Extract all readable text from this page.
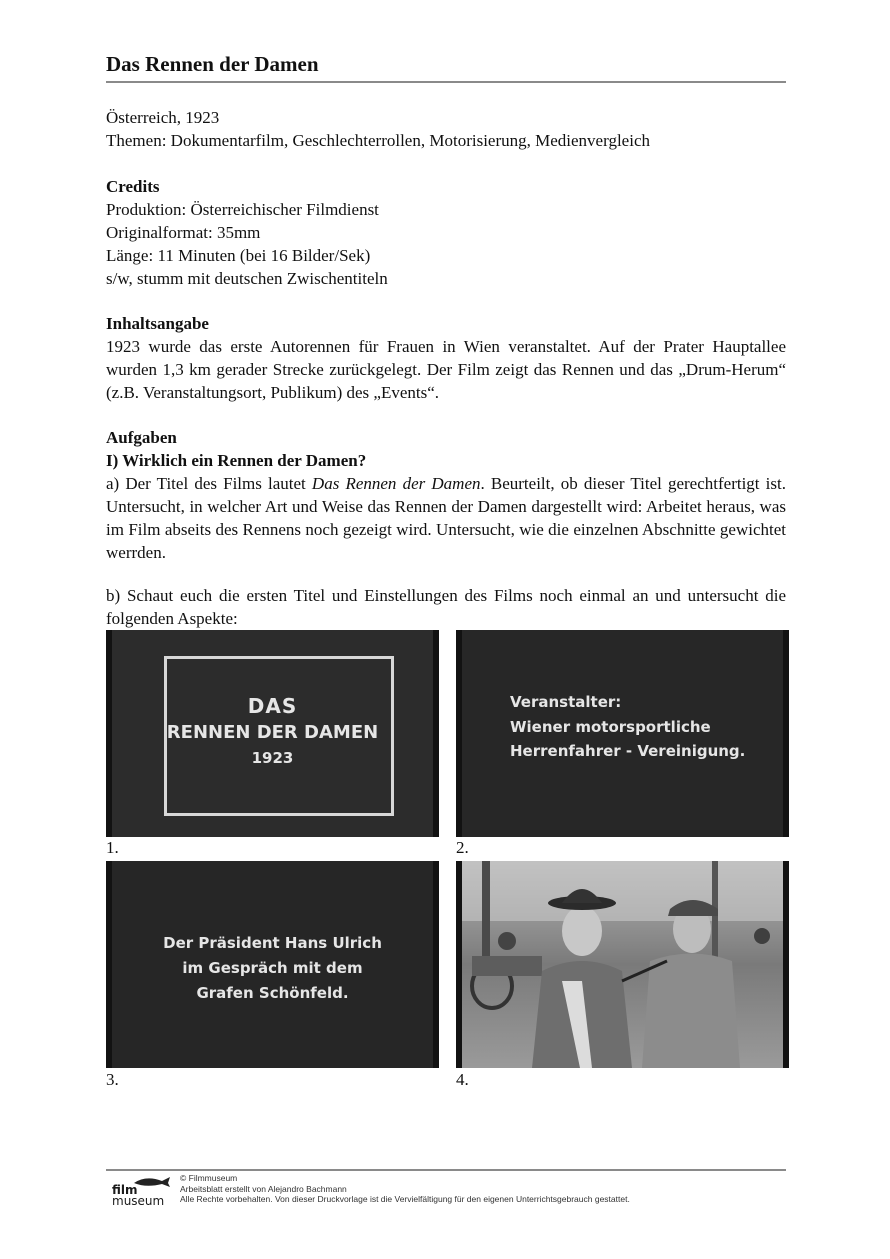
Das Rennen der Damen

Österreich, 1923

Themen: Dokumentarfilm, Geschlechterrollen, Motorisierung, Medienvergleich

Credits

Produktion: Österreichischer Filmdienst

Originalformat: 35mm

Länge: 11 Minuten (bei 16 Bilder/Sek)

s/w, stumm mit deutschen Zwischentiteln

Inhaltsangabe

1923 wurde das erste Autorennen für Frauen in Wien veranstaltet. Auf der Prater Hauptallee wurden 1,3 km gerader Strecke zurückgelegt. Der Film zeigt das Rennen und das „Drum-Herum“ (z.B. Veranstaltungsort, Publikum) des „Events“.

Aufgaben

I) Wirklich ein Rennen der Damen?

a) Der Titel des Films lautet Das Rennen der Damen. Beurteilt, ob dieser Titel gerechtfertigt ist. Untersucht, in welcher Art und Weise das Rennen der Damen dargestellt wird: Arbeitet heraus, was im Film abseits des Rennens noch gezeigt wird. Untersucht, wie die einzelnen Abschnitte gewichtet werrden.

b) Schaut euch die ersten Titel und Einstellungen des Films noch einmal an und untersucht die folgenden Aspekte:
DAS
RENNEN DER DAMEN
1923
1.
Veranstalter:
Wiener motorsportliche
Herrenfahrer - Vereinigung.
2.
Der Präsident Hans Ulrich
im Gespräch mit dem
Grafen Schönfeld.
3.	4.
film
museum

© Filmmuseum

Arbeitsblatt erstellt von Alejandro Bachmann

Alle Rechte vorbehalten. Von dieser Druckvorlage ist die Vervielfältigung für den eigenen Unterrichtsgebrauch gestattet.
